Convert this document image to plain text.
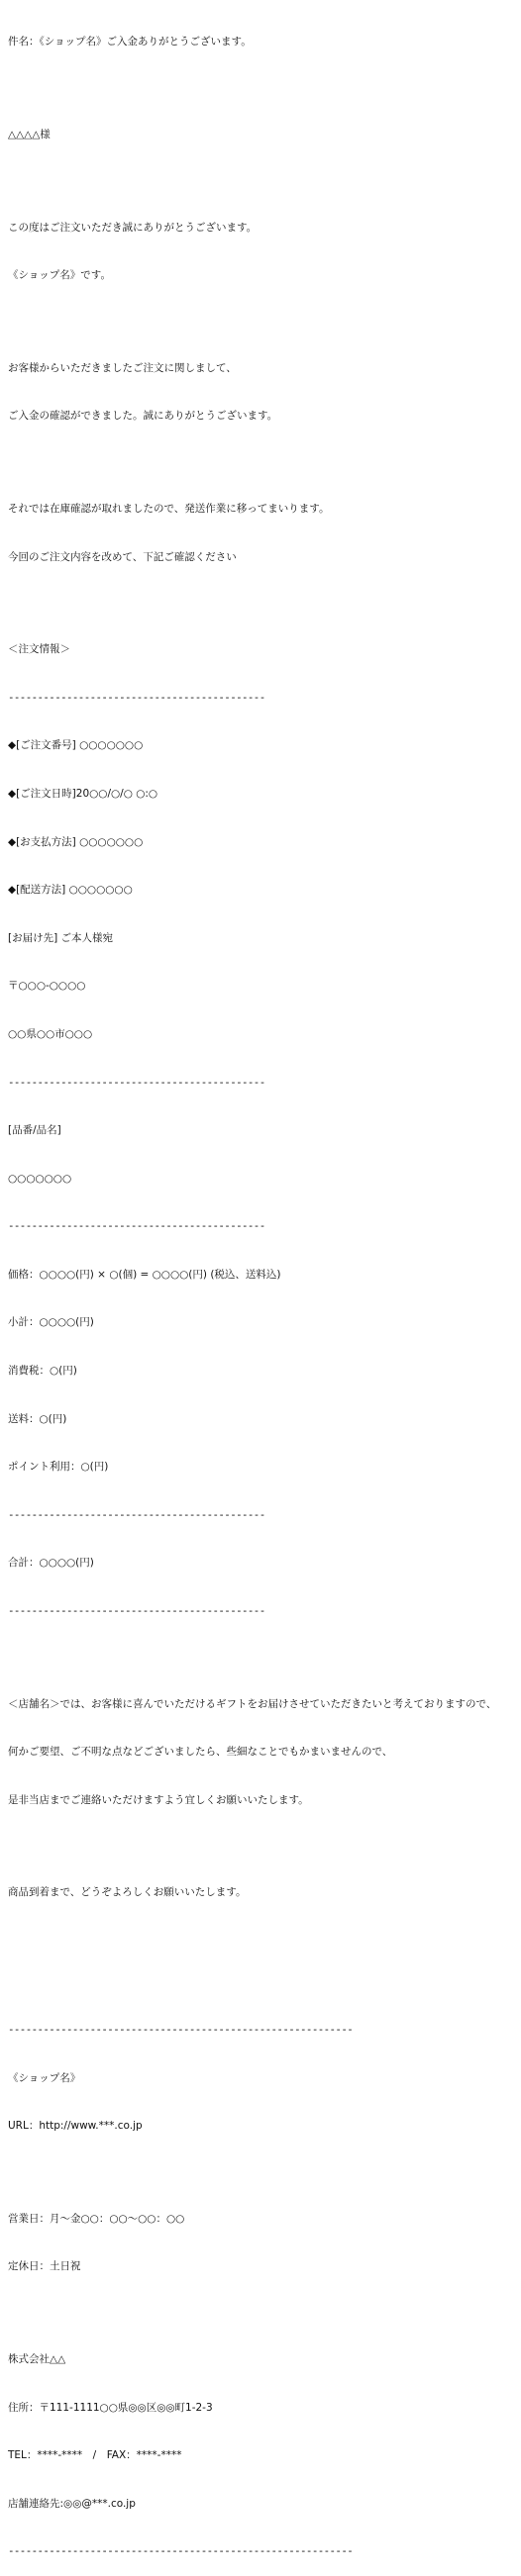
件名：《ショップ名》ご入金ありがとうございます。

△△△△様

この度はご注文いただき誠にありがとうございます。

《ショップ名》です。

お客様からいただきましたご注文に関しまして、

ご入金の確認ができました。誠にありがとうございます。

それでは在庫確認が取れましたので、発送作業に移ってまいります。

今回のご注文内容を改めて、下記ご確認ください

＜注文情報＞

--------------------------------------------

◆[ご注文番号] ○○○○○○○

◆[ご注文日時]20○○/○/○ ○:○

◆[お支払方法] ○○○○○○○

◆[配送方法] ○○○○○○○

[お届け先] ご本人様宛

〒○○○-○○○○

○○県○○市○○○

--------------------------------------------

[品番/品名]

○○○○○○○

--------------------------------------------

価格：○○○○(円) × ○(個) = ○○○○(円) (税込、送料込)

小計：○○○○(円)

消費税：○(円)

送料：○(円)

ポイント利用：○(円)

--------------------------------------------

合計：○○○○(円)

--------------------------------------------

＜店舗名＞では、お客様に喜んでいただけるギフトをお届けさせていただきたいと考えておりますので、

何かご要望、ご不明な点などございましたら、些細なことでもかまいませんので、

是非当店までご連絡いただけますよう宜しくお願いいたします。

商品到着まで、どうぞよろしくお願いいたします。

-----------------------------------------------------------

《ショップ名》

URL：http://www.***.co.jp

営業日：月～金○○：○○～○○：○○

定休日：土日祝

株式会社△△

住所：〒111-1111○○県◎◎区◎◎町1-2-3

TEL：****-****　/　FAX：****-****

店舗連絡先:◎◎@***.co.jp

-----------------------------------------------------------
